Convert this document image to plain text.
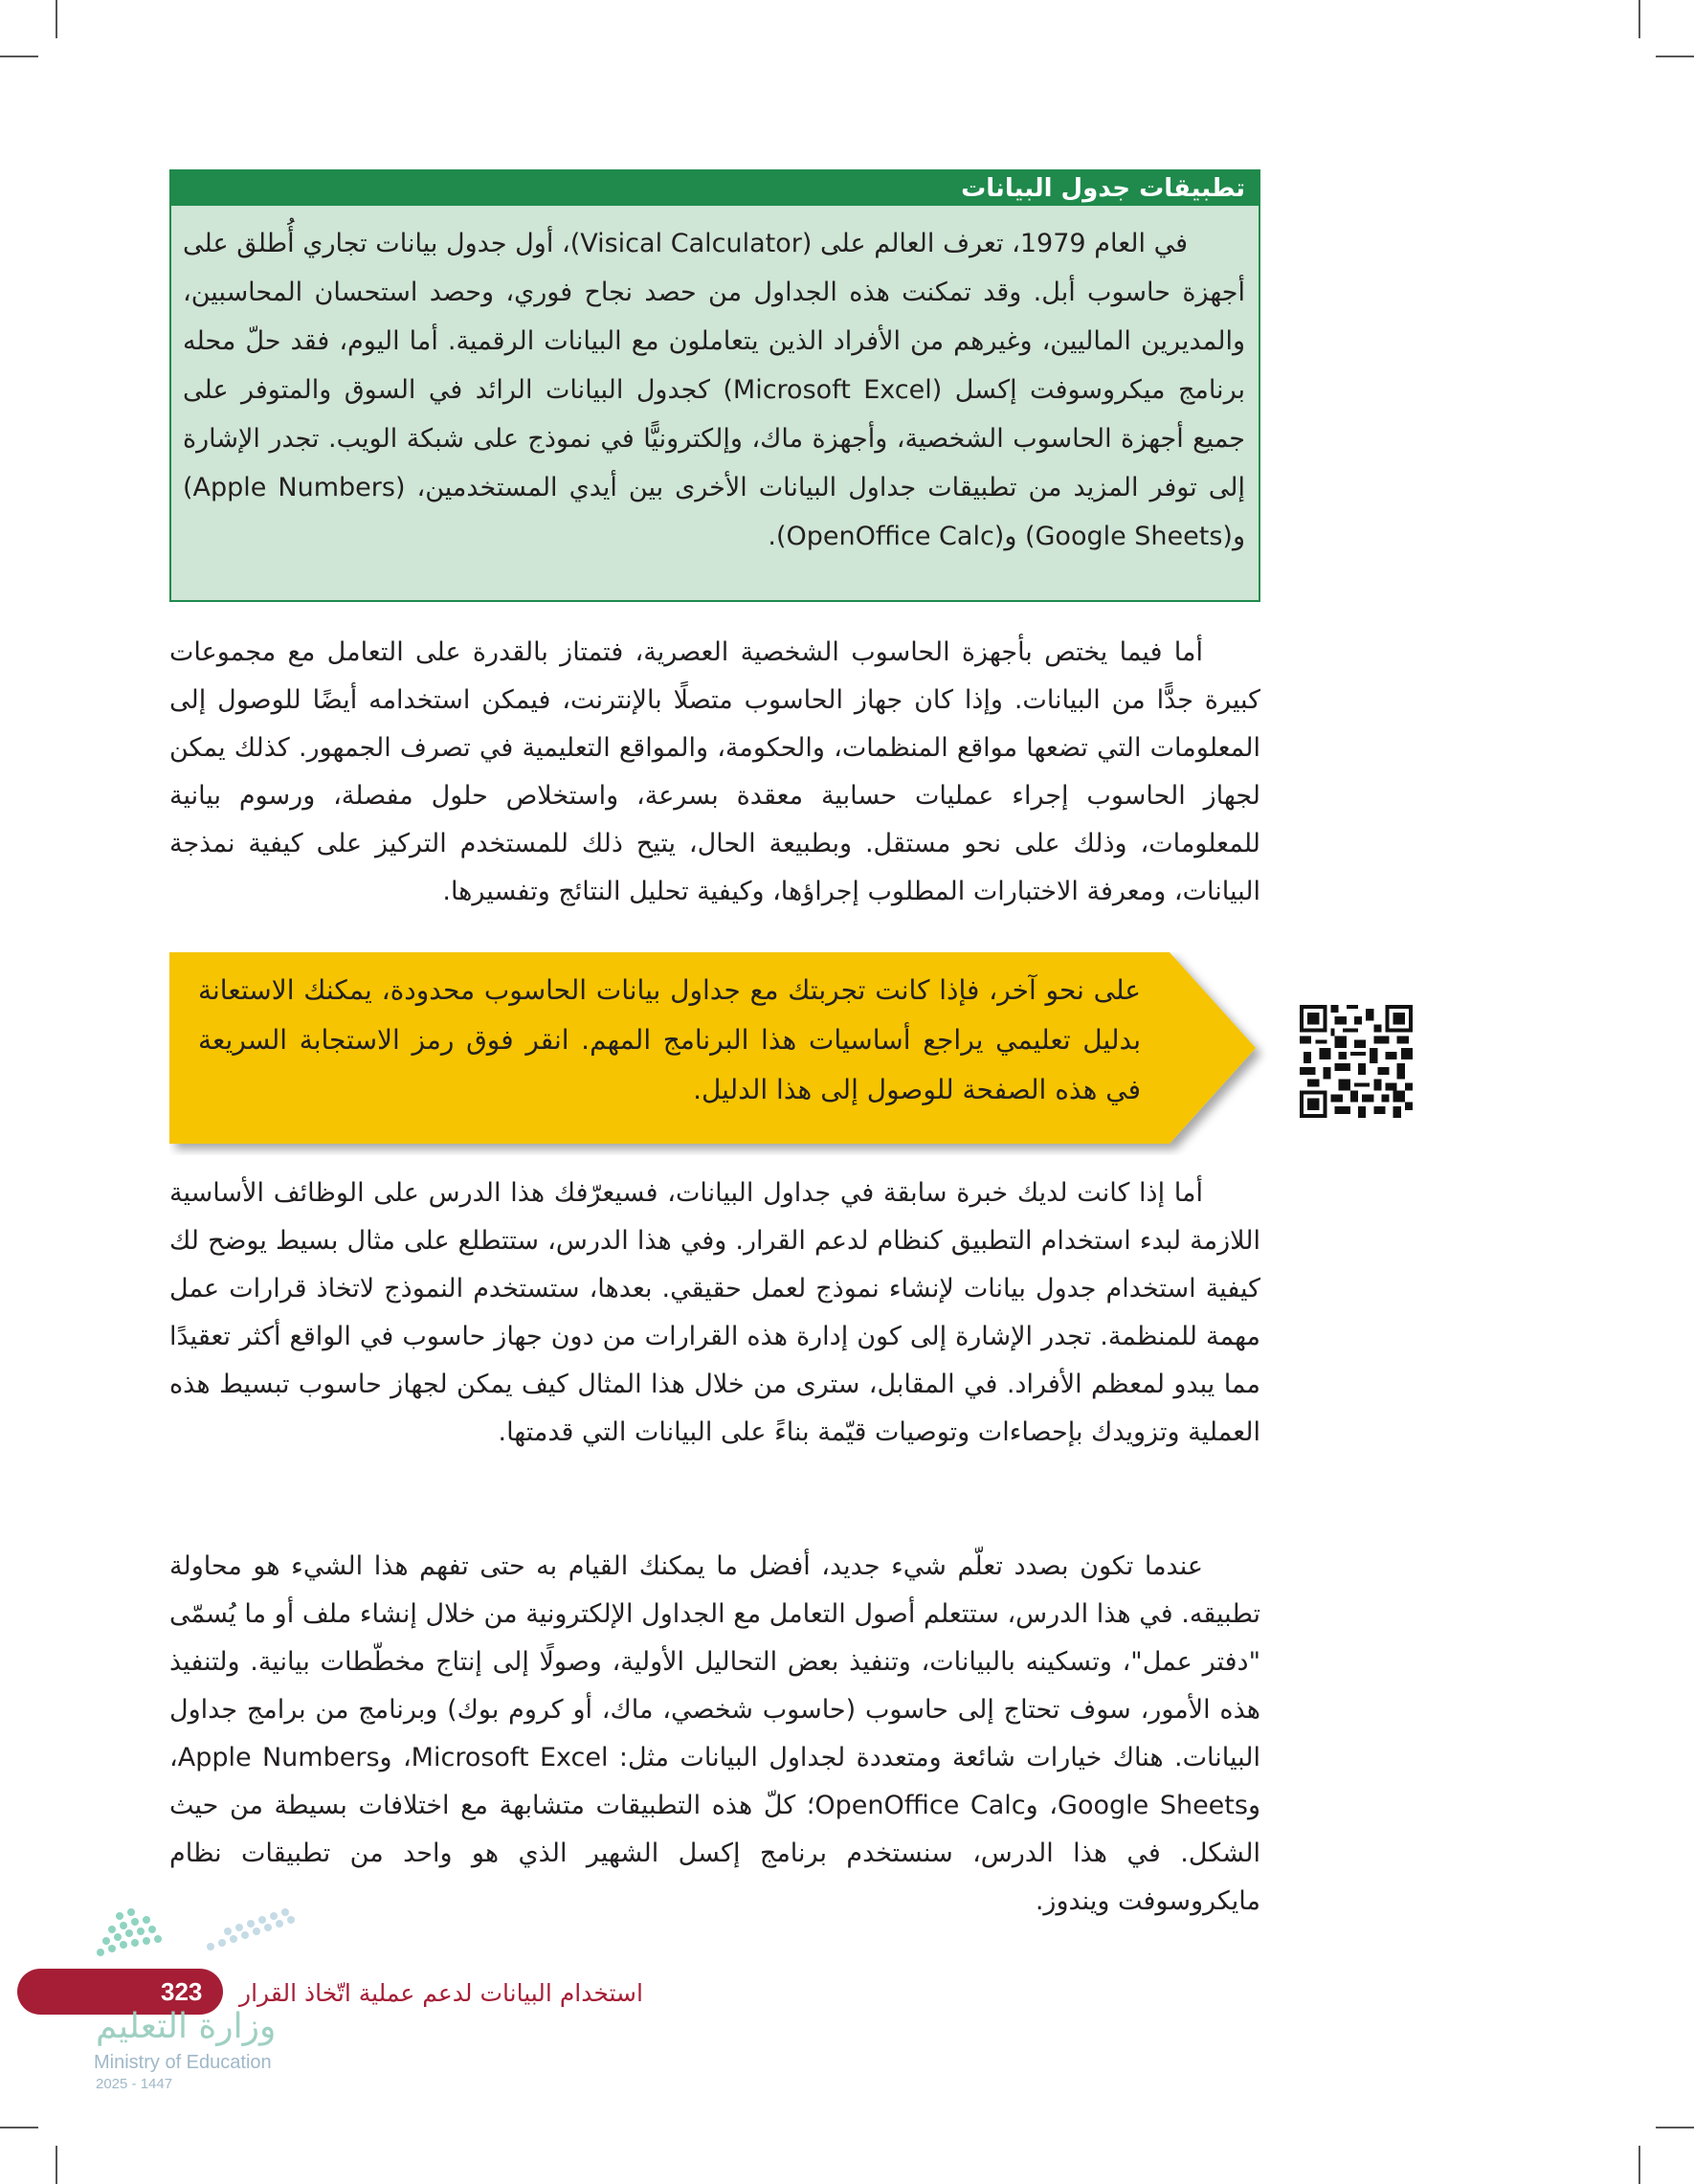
تطبيقات جدول البيانات

في العام 1979، تعرف العالم على (Visical Calculator)، أول جدول بيانات تجاري أُطلق على أجهزة حاسوب أبل. وقد تمكنت هذه الجداول من حصد نجاح فوري، وحصد استحسان المحاسبين، والمديرين الماليين، وغيرهم من الأفراد الذين يتعاملون مع البيانات الرقمية. أما اليوم، فقد حلّ محله برنامج ميكروسوفت إكسل (Microsoft Excel) كجدول البيانات الرائد في السوق والمتوفر على جميع أجهزة الحاسوب الشخصية، وأجهزة ماك، وإلكترونيًّا في نموذج على شبكة الويب. تجدر الإشارة إلى توفر المزيد من تطبيقات جداول البيانات الأخرى بين أيدي المستخدمين، (Apple Numbers) و(Google Sheets) و(OpenOffice Calc).

أما فيما يختص بأجهزة الحاسوب الشخصية العصرية، فتمتاز بالقدرة على التعامل مع مجموعات كبيرة جدًّا من البيانات. وإذا كان جهاز الحاسوب متصلًا بالإنترنت، فيمكن استخدامه أيضًا للوصول إلى المعلومات التي تضعها مواقع المنظمات، والحكومة، والمواقع التعليمية في تصرف الجمهور. كذلك يمكن لجهاز الحاسوب إجراء عمليات حسابية معقدة بسرعة، واستخلاص حلول مفصلة، ورسوم بيانية للمعلومات، وذلك على نحو مستقل. وبطبيعة الحال، يتيح ذلك للمستخدم التركيز على كيفية نمذجة البيانات، ومعرفة الاختبارات المطلوب إجراؤها، وكيفية تحليل النتائج وتفسيرها.

على نحو آخر، فإذا كانت تجربتك مع جداول بيانات الحاسوب محدودة، يمكنك الاستعانة بدليل تعليمي يراجع أساسيات هذا البرنامج المهم. انقر فوق رمز الاستجابة السريعة في هذه الصفحة للوصول إلى هذا الدليل.

أما إذا كانت لديك خبرة سابقة في جداول البيانات، فسيعرّفك هذا الدرس على الوظائف الأساسية اللازمة لبدء استخدام التطبيق كنظام لدعم القرار. وفي هذا الدرس، ستتطلع على مثال بسيط يوضح لك كيفية استخدام جدول بيانات لإنشاء نموذج لعمل حقيقي. بعدها، ستستخدم النموذج لاتخاذ قرارات عمل مهمة للمنظمة. تجدر الإشارة إلى كون إدارة هذه القرارات من دون جهاز حاسوب في الواقع أكثر تعقيدًا مما يبدو لمعظم الأفراد. في المقابل، سترى من خلال هذا المثال كيف يمكن لجهاز حاسوب تبسيط هذه العملية وتزويدك بإحصاءات وتوصيات قيّمة بناءً على البيانات التي قدمتها.

عندما تكون بصدد تعلّم شيء جديد، أفضل ما يمكنك القيام به حتى تفهم هذا الشيء هو محاولة تطبيقه. في هذا الدرس، ستتعلم أصول التعامل مع الجداول الإلكترونية من خلال إنشاء ملف أو ما يُسمّى "دفتر عمل"، وتسكينه بالبيانات، وتنفيذ بعض التحاليل الأولية، وصولًا إلى إنتاج مخطّطات بيانية. ولتنفيذ هذه الأمور، سوف تحتاج إلى حاسوب (حاسوب شخصي، ماك، أو كروم بوك) وبرنامج من برامج جداول البيانات. هناك خيارات شائعة ومتعددة لجداول البيانات مثل: Microsoft Excel، وApple Numbers، وGoogle Sheets، وOpenOffice Calc؛ كلّ هذه التطبيقات متشابهة مع اختلافات بسيطة من حيث الشكل. في هذا الدرس، سنستخدم برنامج إكسل الشهير الذي هو واحد من تطبيقات نظام مايكروسوفت ويندوز.

323 استخدام البيانات لدعم عملية اتّخاذ القرار
وزارة التعليم
Ministry of Education
2025 - 1447
